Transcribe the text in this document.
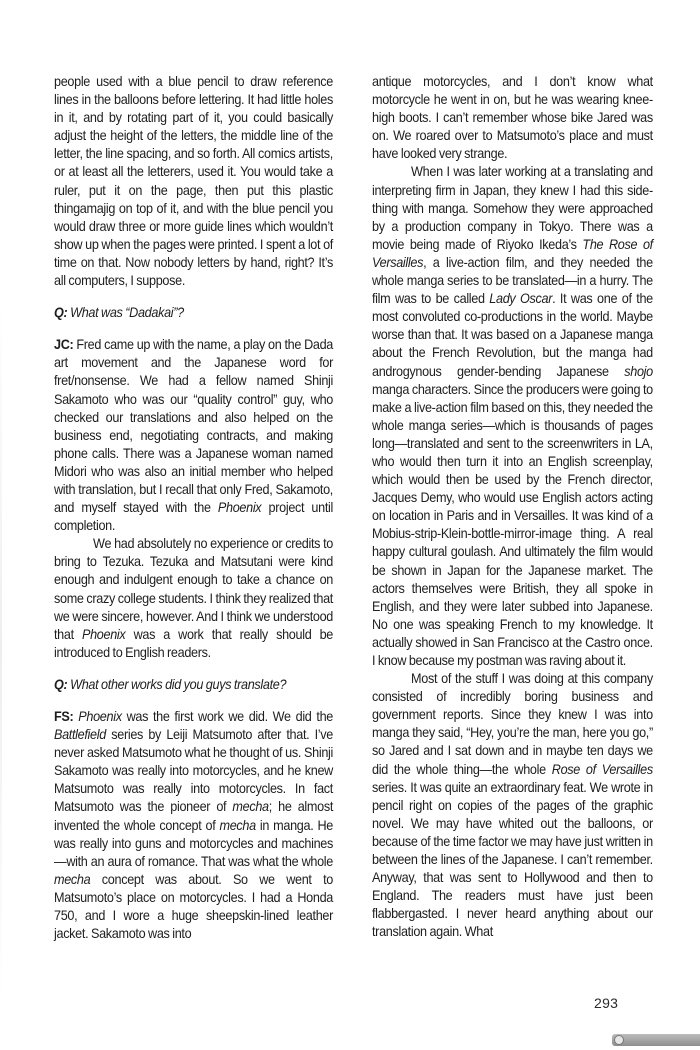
people used with a blue pencil to draw reference lines in the balloons before lettering. It had little holes in it, and by rotating part of it, you could basically adjust the height of the letters, the middle line of the letter, the line spacing, and so forth. All comics artists, or at least all the letterers, used it. You would take a ruler, put it on the page, then put this plastic thingamajig on top of it, and with the blue pencil you would draw three or more guide lines which wouldn’t show up when the pages were printed. I spent a lot of time on that. Now nobody letters by hand, right? It’s all computers, I suppose.

Q: What was “Dadakai”?

JC: Fred came up with the name, a play on the Dada art movement and the Japanese word for fret/nonsense. We had a fellow named Shinji Sakamoto who was our “quality control” guy, who checked our translations and also helped on the business end, negotiating contracts, and making phone calls. There was a Japanese woman named Midori who was also an initial member who helped with translation, but I recall that only Fred, Sakamoto, and myself stayed with the Phoenix project until completion.

We had absolutely no experience or credits to bring to Tezuka. Tezuka and Matsutani were kind enough and indulgent enough to take a chance on some crazy college students. I think they realized that we were sincere, however. And I think we understood that Phoenix was a work that really should be introduced to English readers.

Q: What other works did you guys translate?

FS: Phoenix was the first work we did. We did the Battlefield series by Leiji Matsumoto after that. I’ve never asked Matsumoto what he thought of us. Shinji Sakamoto was really into motorcycles, and he knew Matsumoto was really into motorcycles. In fact Matsumoto was the pioneer of mecha; he almost invented the whole concept of mecha in manga. He was really into guns and motorcycles and machines—with an aura of romance. That was what the whole mecha concept was about. So we went to Matsumoto’s place on motorcycles. I had a Honda 750, and I wore a huge sheepskin-lined leather jacket. Sakamoto was into

antique motorcycles, and I don’t know what motorcycle he went in on, but he was wearing knee-high boots. I can’t remember whose bike Jared was on. We roared over to Matsumoto’s place and must have looked very strange.

When I was later working at a translating and interpreting firm in Japan, they knew I had this side-thing with manga. Somehow they were approached by a production company in Tokyo. There was a movie being made of Riyoko Ikeda’s The Rose of Versailles, a live-action film, and they needed the whole manga series to be translated—in a hurry. The film was to be called Lady Oscar. It was one of the most convoluted co-productions in the world. Maybe worse than that. It was based on a Japanese manga about the French Revolution, but the manga had androgynous gender-bending Japanese shojo manga characters. Since the producers were going to make a live-action film based on this, they needed the whole manga series—which is thousands of pages long—translated and sent to the screenwriters in LA, who would then turn it into an English screenplay, which would then be used by the French director, Jacques Demy, who would use English actors acting on location in Paris and in Versailles. It was kind of a Mobius-strip-Klein-bottle-mirror-image thing. A real happy cultural goulash. And ultimately the film would be shown in Japan for the Japanese market. The actors themselves were British, they all spoke in English, and they were later subbed into Japanese. No one was speaking French to my knowledge. It actually showed in San Francisco at the Castro once. I know because my postman was raving about it.

Most of the stuff I was doing at this company consisted of incredibly boring business and government reports. Since they knew I was into manga they said, “Hey, you’re the man, here you go,” so Jared and I sat down and in maybe ten days we did the whole thing—the whole Rose of Versailles series. It was quite an extraordinary feat. We wrote in pencil right on copies of the pages of the graphic novel. We may have whited out the balloons, or because of the time factor we may have just written in between the lines of the Japanese. I can’t remember. Anyway, that was sent to Hollywood and then to England. The readers must have just been flabbergasted. I never heard anything about our translation again. What

293
